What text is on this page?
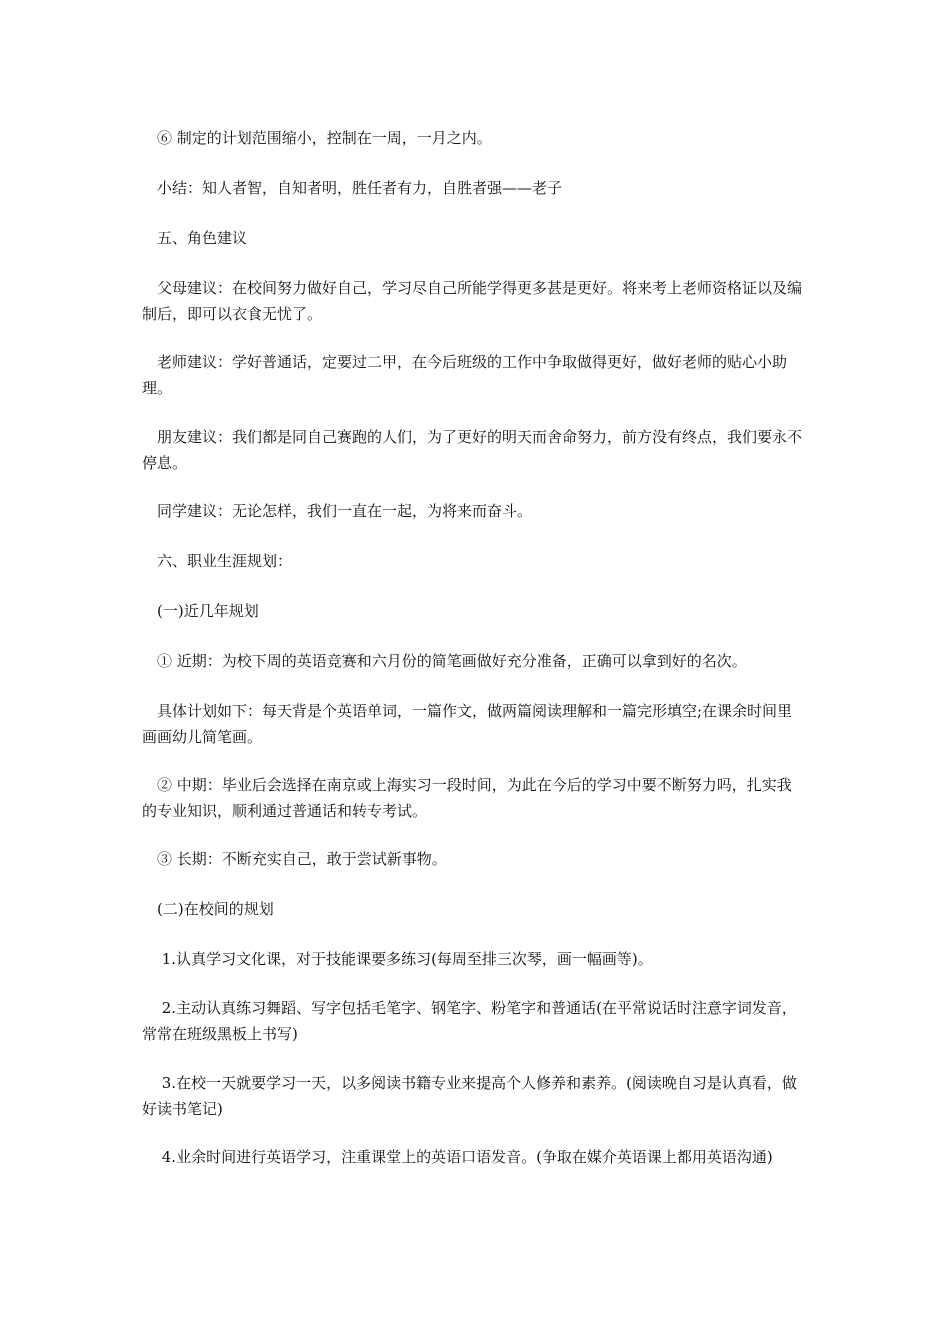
　⑥ 制定的计划范围缩小，控制在一周，一月之内。

　小结：知人者智，自知者明，胜任者有力，自胜者强——老子

　五、角色建议

　父母建议：在校间努力做好自己，学习尽自己所能学得更多甚是更好。将来考上老师资格证以及编制后，即可以衣食无忧了。

　老师建议：学好普通话，定要过二甲，在今后班级的工作中争取做得更好，做好老师的贴心小助理。

　朋友建议：我们都是同自己赛跑的人们，为了更好的明天而舍命努力，前方没有终点，我们要永不停息。

　同学建议：无论怎样，我们一直在一起，为将来而奋斗。

　六、职业生涯规划：

　(一)近几年规划

　① 近期：为校下周的英语竞赛和六月份的简笔画做好充分准备，正确可以拿到好的名次。

　具体计划如下：每天背是个英语单词，一篇作文，做两篇阅读理解和一篇完形填空;在课余时间里画画幼儿简笔画。

　② 中期：毕业后会选择在南京或上海实习一段时间，为此在今后的学习中要不断努力吗，扎实我的专业知识，顺利通过普通话和转专考试。

　③ 长期：不断充实自己，敢于尝试新事物。

　(二)在校间的规划

　 1.认真学习文化课，对于技能课要多练习(每周至排三次琴，画一幅画等)。

　 2.主动认真练习舞蹈、写字包括毛笔字、钢笔字、粉笔字和普通话(在平常说话时注意字词发音，常常在班级黑板上书写)

　 3.在校一天就要学习一天，以多阅读书籍专业来提高个人修养和素养。(阅读晚自习是认真看，做好读书笔记)

　 4.业余时间进行英语学习，注重课堂上的英语口语发音。(争取在媒介英语课上都用英语沟通)
